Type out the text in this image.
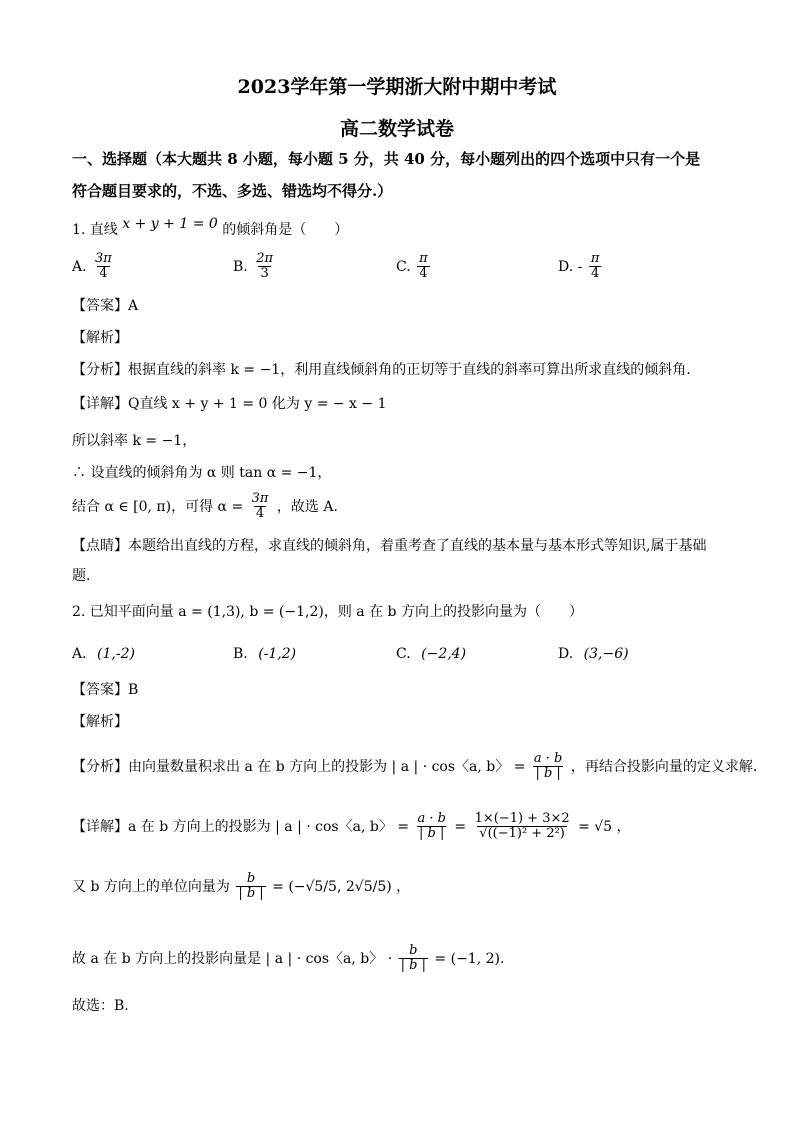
2023学年第一学期浙大附中期中考试
高二数学试卷
一、选择题（本大题共 8 小题，每小题 5 分，共 40 分，每小题列出的四个选项中只有一个是
符合题目要求的，不选、多选、错选均不得分.）
1. 直线 x + y + 1 = 0 的倾斜角是（　　）
A. $\frac{3\pi}{4}$	B. $\frac{2\pi}{3}$	C. $\frac{\pi}{4}$	D. - $\frac{\pi}{4}$
【答案】A
【解析】
【分析】根据直线的斜率 k = −1，利用直线倾斜角的正切等于直线的斜率可算出所求直线的倾斜角.
【详解】Q直线 x + y + 1 = 0 化为 y = − x − 1
所以斜率 k = −1，
∴ 设直线的倾斜角为 α 则 tan α = −1，
结合 α ∈ [0, π)，可得 $\alpha = \frac{3\pi}{4}$ ，故选 A.
【点睛】本题给出直线的方程，求直线的倾斜角，着重考查了直线的基本量与基本形式等知识,属于基础
题.
2. 已知平面向量 a = (1,3), b = (−1,2)，则 a 在 b 方向上的投影向量为（　　）
A. (1,-2)	B. (-1,2)	C. (−2,4)	D. (3,−6)
【答案】B
【解析】
【分析】由向量数量积求出 a 在 b 方向上的投影为 | a | · cos〈a, b〉 = $\frac{a \cdot b}{| b |}$ ，再结合投影向量的定义求解.
【详解】a 在 b 方向上的投影为 | a | · cos〈a, b〉 = $\frac{a \cdot b}{| b |} = \frac{1\times(-1) + 3\times 2}{\text{√((−1)² + 2²)}} = √5$ ，
又 b 方向上的单位向量为 $\frac{b}{| b |} = (-√5/5$, 2√5/5) ，
故 a 在 b 方向上的投影向量是 | a | · cos〈a, b〉 · $\frac{b}{| b |} = (-1$, 2).
故选：B.
